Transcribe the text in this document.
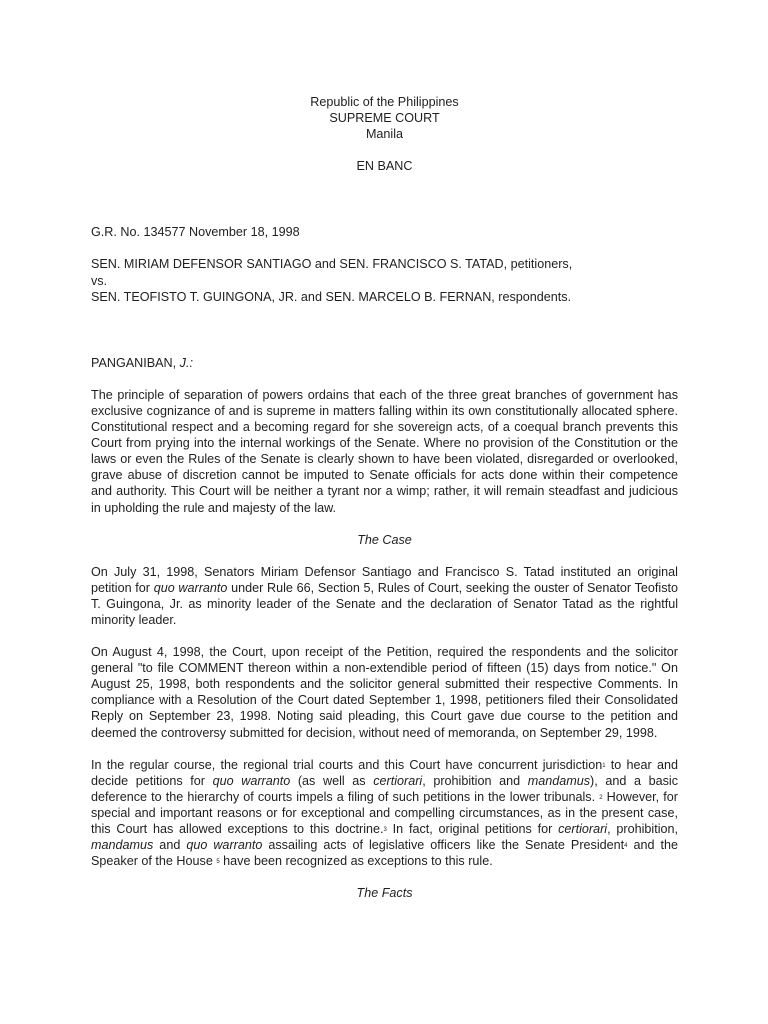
Republic of the Philippines

SUPREME COURT

Manila

EN BANC

G.R. No. 134577 November 18, 1998

SEN. MIRIAM DEFENSOR SANTIAGO and SEN. FRANCISCO S. TATAD, petitioners,

vs.

SEN. TEOFISTO T. GUINGONA, JR. and SEN. MARCELO B. FERNAN, respondents.

PANGANIBAN, J.:

The principle of separation of powers ordains that each of the three great branches of government has exclusive cognizance of and is supreme in matters falling within its own constitutionally allocated sphere. Constitutional respect and a becoming regard for she sovereign acts, of a coequal branch prevents this Court from prying into the internal workings of the Senate. Where no provision of the Constitution or the laws or even the Rules of the Senate is clearly shown to have been violated, disregarded or overlooked, grave abuse of discretion cannot be imputed to Senate officials for acts done within their competence and authority. This Court will be neither a tyrant nor a wimp; rather, it will remain steadfast and judicious in upholding the rule and majesty of the law.

The Case

On July 31, 1998, Senators Miriam Defensor Santiago and Francisco S. Tatad instituted an original petition for quo warranto under Rule 66, Section 5, Rules of Court, seeking the ouster of Senator Teofisto T. Guingona, Jr. as minority leader of the Senate and the declaration of Senator Tatad as the rightful minority leader.

On August 4, 1998, the Court, upon receipt of the Petition, required the respondents and the solicitor general "to file COMMENT thereon within a non-extendible period of fifteen (15) days from notice." On August 25, 1998, both respondents and the solicitor general submitted their respective Comments. In compliance with a Resolution of the Court dated September 1, 1998, petitioners filed their Consolidated Reply on September 23, 1998. Noting said pleading, this Court gave due course to the petition and deemed the controversy submitted for decision, without need of memoranda, on September 29, 1998.

In the regular course, the regional trial courts and this Court have concurrent jurisdiction$^1$ to hear and decide petitions for quo warranto (as well as certiorari, prohibition and mandamus), and a basic deference to the hierarchy of courts impels a filing of such petitions in the lower tribunals. $^2$ However, for special and important reasons or for exceptional and compelling circumstances, as in the present case, this Court has allowed exceptions to this doctrine.$^3$ In fact, original petitions for certiorari, prohibition, mandamus and quo warranto assailing acts of legislative officers like the Senate President$^4$ and the Speaker of the House $^5$ have been recognized as exceptions to this rule.

The Facts
